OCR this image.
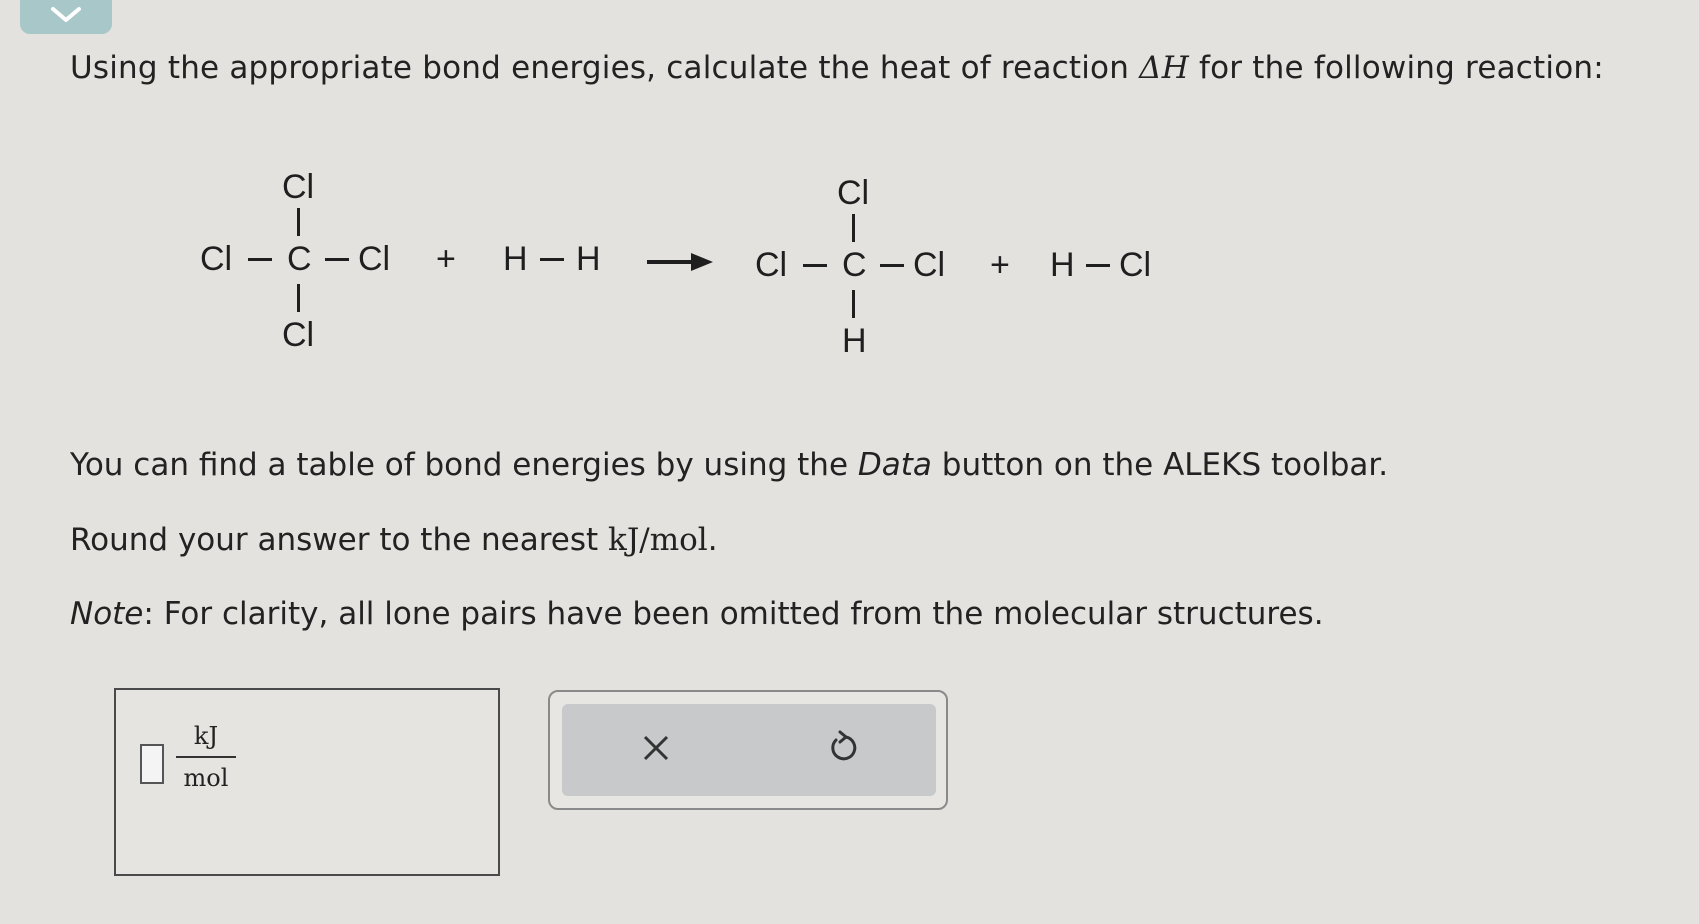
Using the appropriate bond energies, calculate the heat of reaction ΔH for the following reaction:
Cl
Cl C Cl
Cl
+ H H
Cl
Cl C Cl
H
+ H Cl
You can find a table of bond energies by using the Data button on the ALEKS toolbar.
Round your answer to the nearest kJ/mol.
Note: For clarity, all lone pairs have been omitted from the molecular structures.
kJ
mol
